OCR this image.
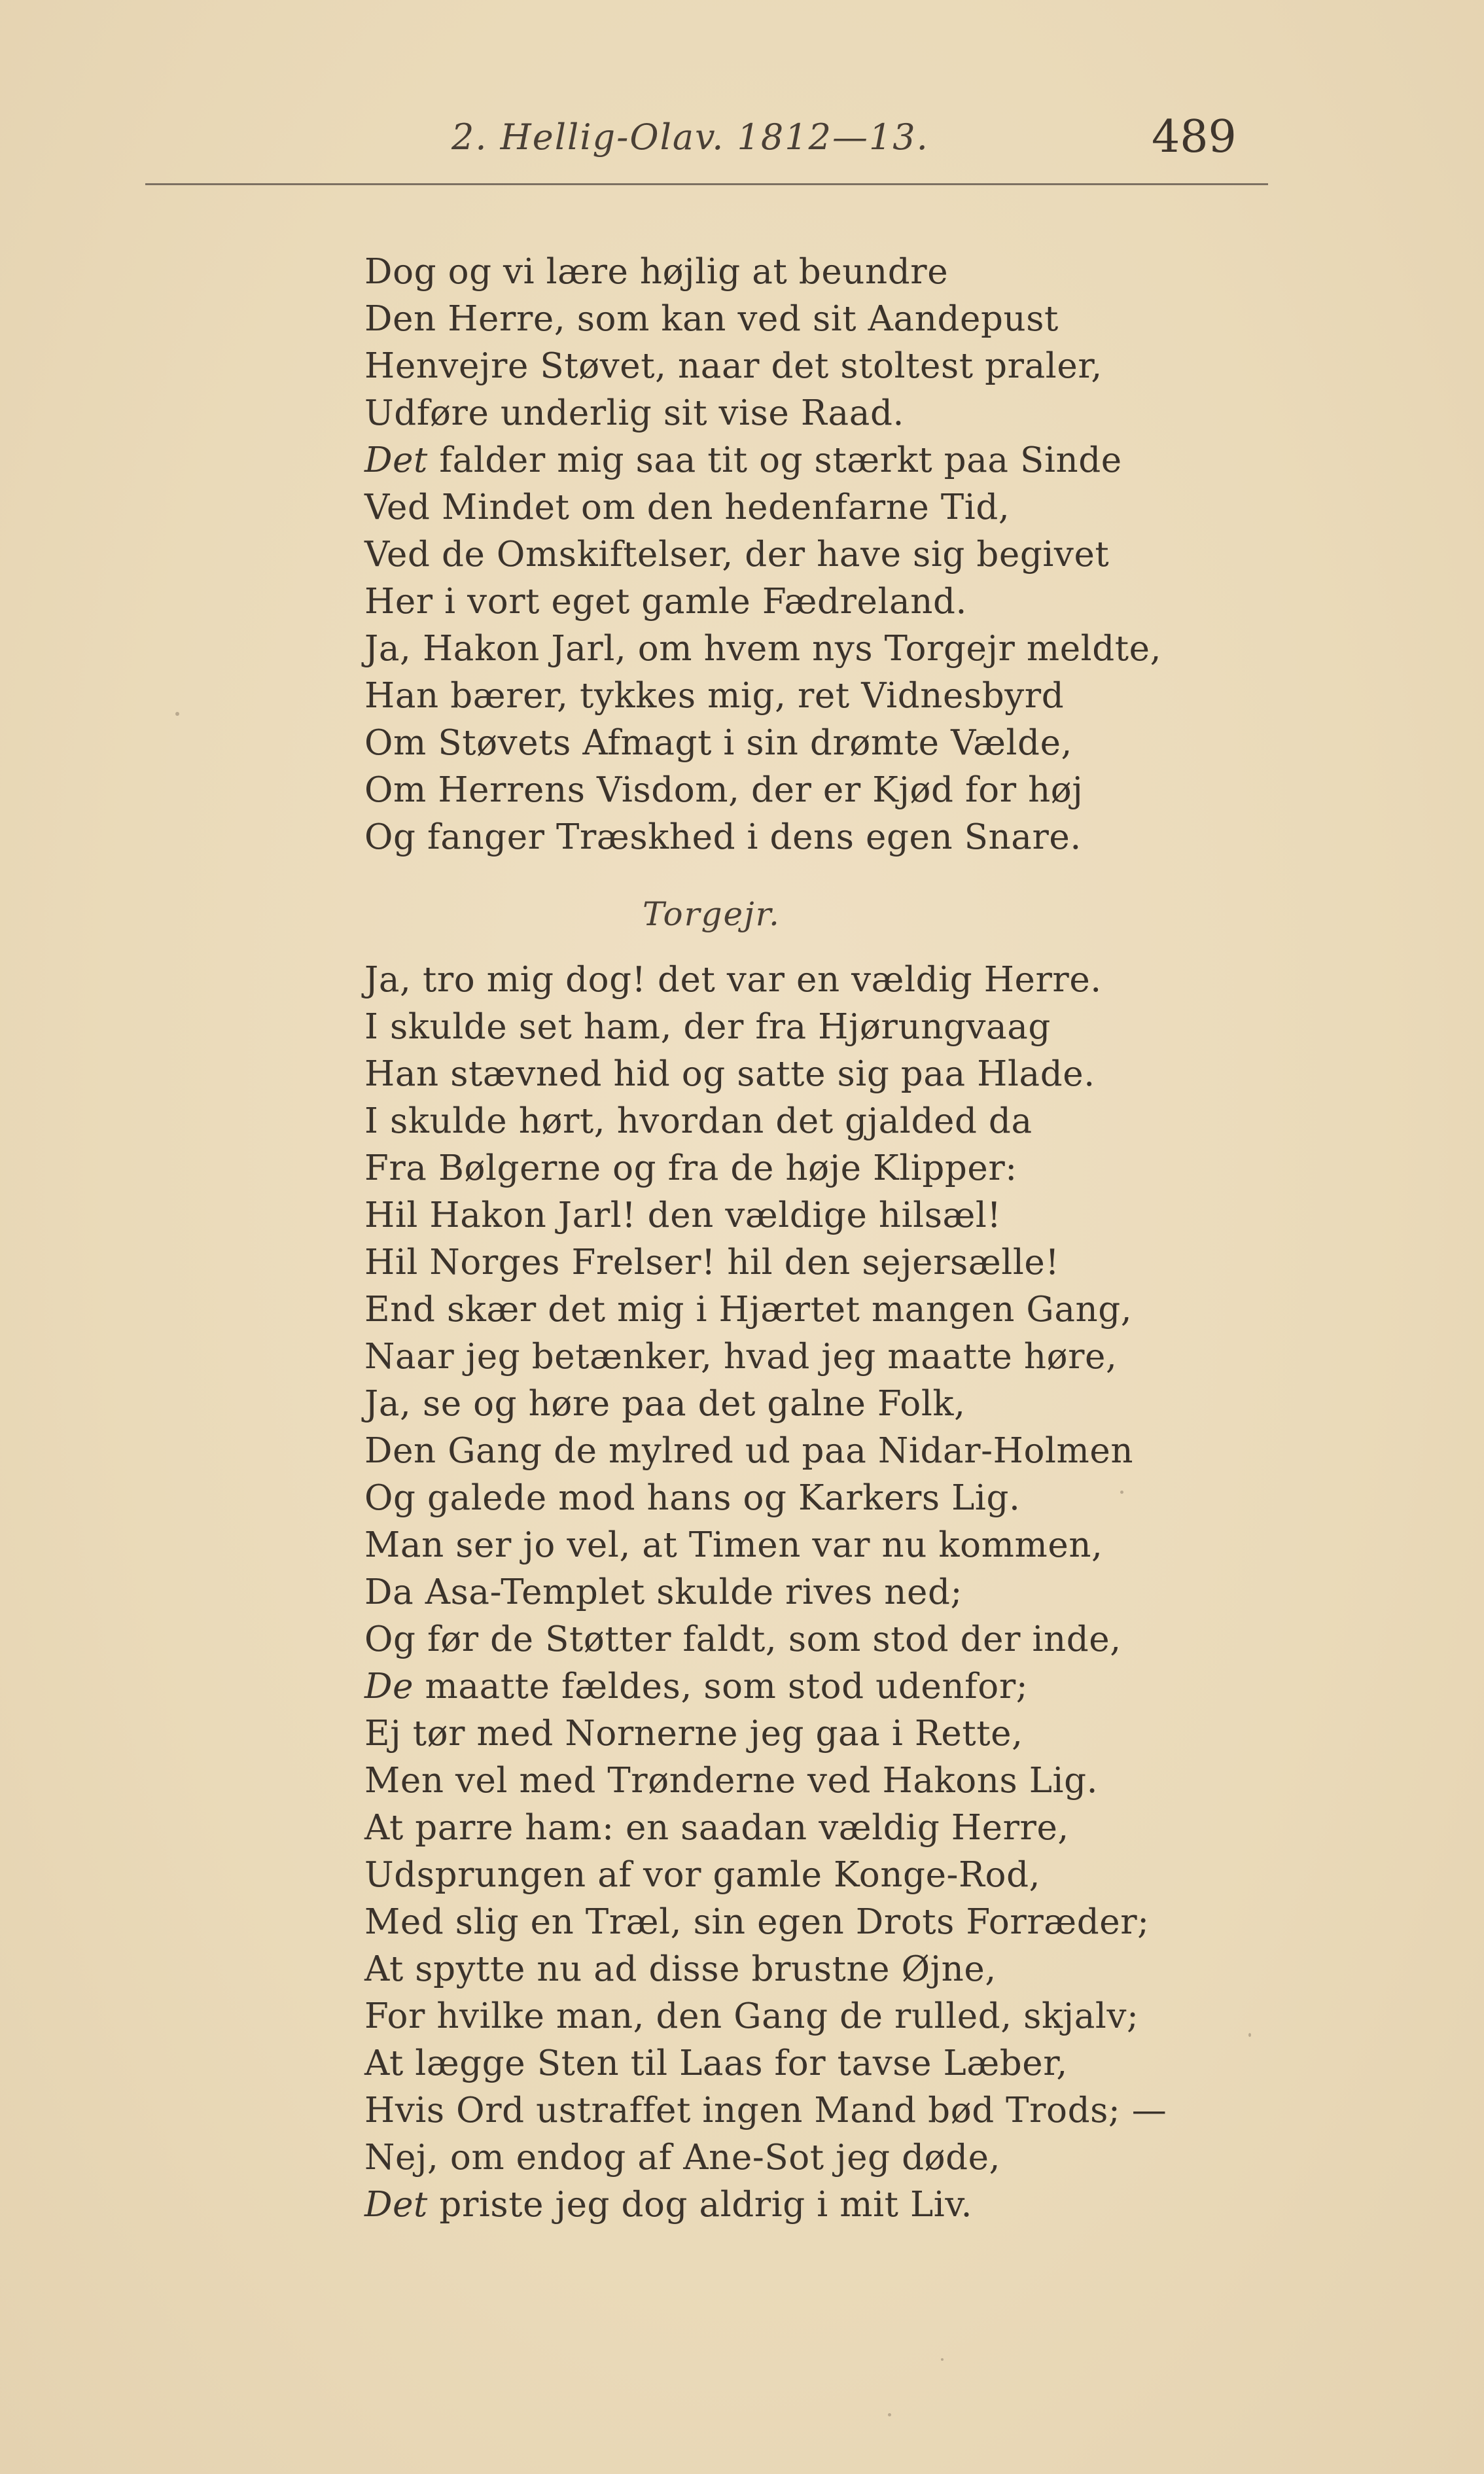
2. Hellig-Olav. 1812—13.	489
Dog og vi lære højlig at beundre
Den Herre, som kan ved sit Aandepust
Henvejre Støvet, naar det stoltest praler,
Udføre underlig sit vise Raad.
Det falder mig saa tit og stærkt paa Sinde
Ved Mindet om den hedenfarne Tid,
Ved de Omskiftelser, der have sig begivet
Her i vort eget gamle Fædreland.
Ja, Hakon Jarl, om hvem nys Torgejr meldte,
Han bærer, tykkes mig, ret Vidnesbyrd
Om Støvets Afmagt i sin drømte Vælde,
Om Herrens Visdom, der er Kjød for høj
Og fanger Træskhed i dens egen Snare.
Torgejr.
Ja, tro mig dog! det var en vældig Herre.
I skulde set ham, der fra Hjørungvaag
Han stævned hid og satte sig paa Hlade.
I skulde hørt, hvordan det gjalded da
Fra Bølgerne og fra de høje Klipper:
Hil Hakon Jarl! den vældige hilsæl!
Hil Norges Frelser! hil den sejersælle!
End skær det mig i Hjærtet mangen Gang,
Naar jeg betænker, hvad jeg maatte høre,
Ja, se og høre paa det galne Folk,
Den Gang de mylred ud paa Nidar-Holmen
Og galede mod hans og Karkers Lig.
Man ser jo vel, at Timen var nu kommen,
Da Asa-Templet skulde rives ned;
Og før de Støtter faldt, som stod der inde,
De maatte fældes, som stod udenfor;
Ej tør med Nornerne jeg gaa i Rette,
Men vel med Trønderne ved Hakons Lig.
At parre ham: en saadan vældig Herre,
Udsprungen af vor gamle Konge-Rod,
Med slig en Træl, sin egen Drots Forræder;
At spytte nu ad disse brustne Øjne,
For hvilke man, den Gang de rulled, skjalv;
At lægge Sten til Laas for tavse Læber,
Hvis Ord ustraffet ingen Mand bød Trods; —
Nej, om endog af Ane-Sot jeg døde,
Det priste jeg dog aldrig i mit Liv.
